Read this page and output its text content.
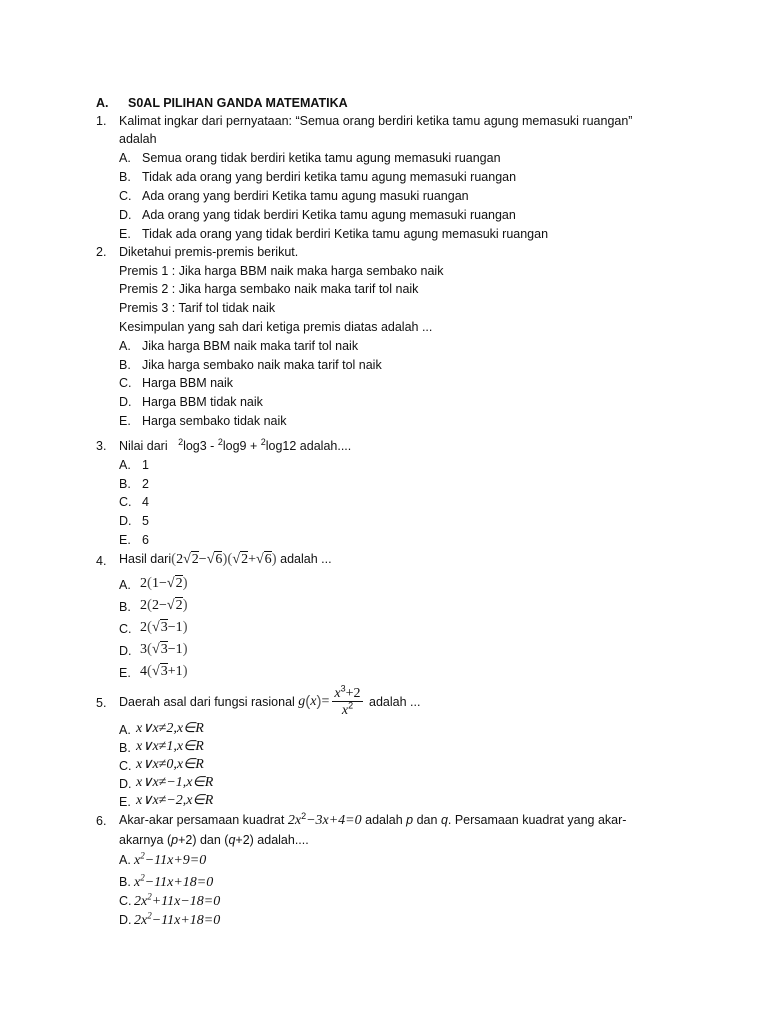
A. S0AL PILIHAN GANDA MATEMATIKA
1. Kalimat ingkar dari pernyataan: “Semua orang berdiri ketika tamu agung memasuki ruangan”
adalah
A. Semua orang tidak berdiri ketika tamu agung memasuki ruangan
B. Tidak ada orang yang berdiri ketika tamu agung memasuki ruangan
C. Ada orang yang berdiri Ketika tamu agung masuki ruangan
D. Ada orang yang tidak berdiri Ketika tamu agung memasuki ruangan
E. Tidak ada orang yang tidak berdiri Ketika tamu agung memasuki ruangan
2. Diketahui premis-premis berikut.
Premis 1 : Jika harga BBM naik maka harga sembako naik
Premis 2 : Jika harga sembako naik maka tarif tol naik
Premis 3 : Tarif tol tidak naik
Kesimpulan yang sah dari ketiga premis diatas adalah ...
A. Jika harga BBM naik maka tarif tol naik
B. Jika harga sembako naik maka tarif tol naik
C. Harga BBM naik
D. Harga BBM tidak naik
E. Harga sembako tidak naik
3. Nilai dari $^2$log3 - $^2$log9 + $^2$log12 adalah....
A. 1
B. 2
C. 4
D. 5
E. 6
4. Hasil dari(2√2−√6)(√2+√6) adalah ...
A. 2(1−√2)
B. 2(2−√2)
C. 2(√3−1)
D. 3(√3−1)
E. 4(√3+1)
5. Daerah asal dari fungsi rasional
g ( x ) = $\frac{x^3+2}{x^2}$
adalah ...
A. x∨x≠2,x∈R
B. x∨x≠1,x∈R
C. x∨x≠0,x∈R
D. x∨x≠−1,x∈R
E. x∨x≠−2,x∈R
6. Akar-akar persamaan kuadrat $2x^2-3x+4=0$ adalah p dan q. Persamaan kuadrat yang akar-
akarnya (p+2) dan (q+2) adalah....
A. $x^2-11x+9=0$
B. $x^2-11x+18=0$
C. $2x^2+11x-18=0$
D. $2x^2-11x+18=0$
